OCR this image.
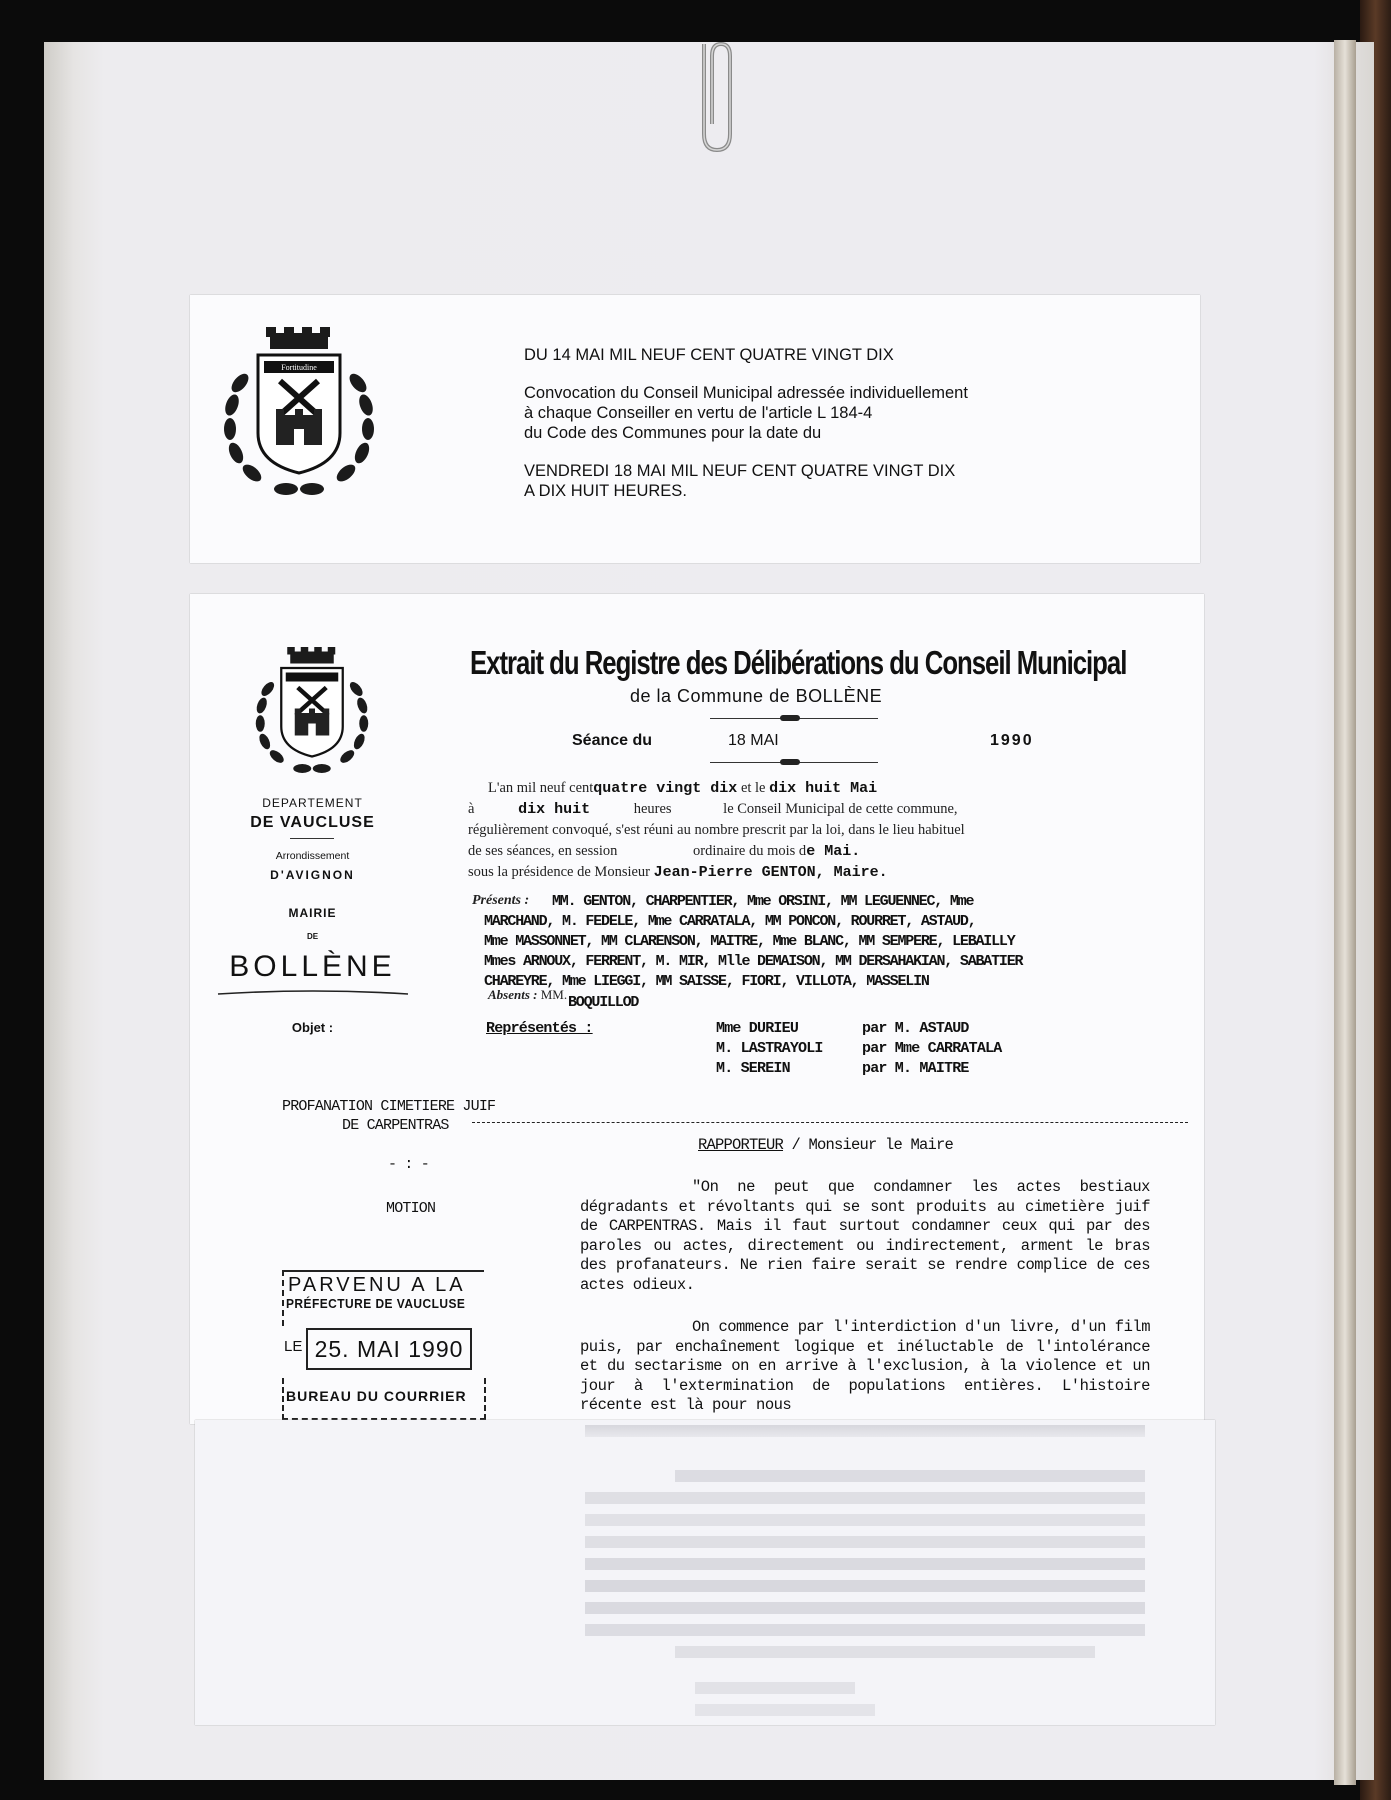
Fortitudine

DU 14 MAI MIL NEUF CENT QUATRE VINGT DIX

Convocation du Conseil Municipal adressée individuellement
à chaque Conseiller en vertu de l'article L 184-4
du Code des Communes pour la date du

VENDREDI 18 MAI MIL NEUF CENT QUATRE VINGT DIX
A DIX HUIT HEURES.

DEPARTEMENT
DE VAUCLUSE
Arrondissement
D'AVIGNON
MAIRIE
DE
BOLLÈNE
Objet :
Extrait du Registre des Délibérations du Conseil Municipal
de la Commune de BOLLÈNE
Séance du	18 MAI	1990
L'an mil neuf centquatre vingt dix et le dix huit Mai
à	dix huit	heures	le Conseil Municipal de cette commune,
régulièrement convoqué, s'est réuni au nombre prescrit par la loi, dans le lieu habituel
de ses séances, en session	ordinaire du mois de Mai.
sous la présidence de Monsieur Jean-Pierre GENTON, Maire.
Présents : MM. GENTON, CHARPENTIER, Mme ORSINI, MM LEGUENNEC, Mme
MARCHAND, M. FEDELE, Mme CARRATALA, MM PONCON, ROURRET, ASTAUD,
Mme MASSONNET, MM CLARENSON, MAITRE, Mme BLANC, MM SEMPERE, LEBAILLY
Mmes ARNOUX, FERRENT, M. MIR, Mlle DEMAISON, MM DERSAHAKIAN, SABATIER
CHAREYRE, Mme LIEGGI, MM SAISSE, FIORI, VILLOTA, MASSELIN
Absents : MM. BOQUILLOD
Représentés :	Mme DURIEU	par M. ASTAUD
M. LASTRAYOLI	par Mme CARRATALA
M. SEREIN	par M. MAITRE
PROFANATION CIMETIERE JUIF
DE CARPENTRAS
- : -
MOTION
RAPPORTEUR / Monsieur le Maire
"On ne peut que condamner les actes bestiaux dégradants et révoltants qui se sont produits au cimetière juif de CARPENTRAS. Mais il faut surtout condamner ceux qui par des paroles ou actes, directement ou indirectement, arment le bras des profanateurs. Ne rien faire serait se rendre complice de ces actes odieux.
On commence par l'interdiction d'un livre, d'un film puis, par enchaînement logique et inéluctable de l'intolérance et du sectarisme on en arrive à l'exclusion, à la violence et un jour à l'extermination de populations entières. L'histoire récente est là pour nous
PARVENU A LA
PRÉFECTURE DE VAUCLUSE
LE 25. MAI 1990
BUREAU DU COURRIER
